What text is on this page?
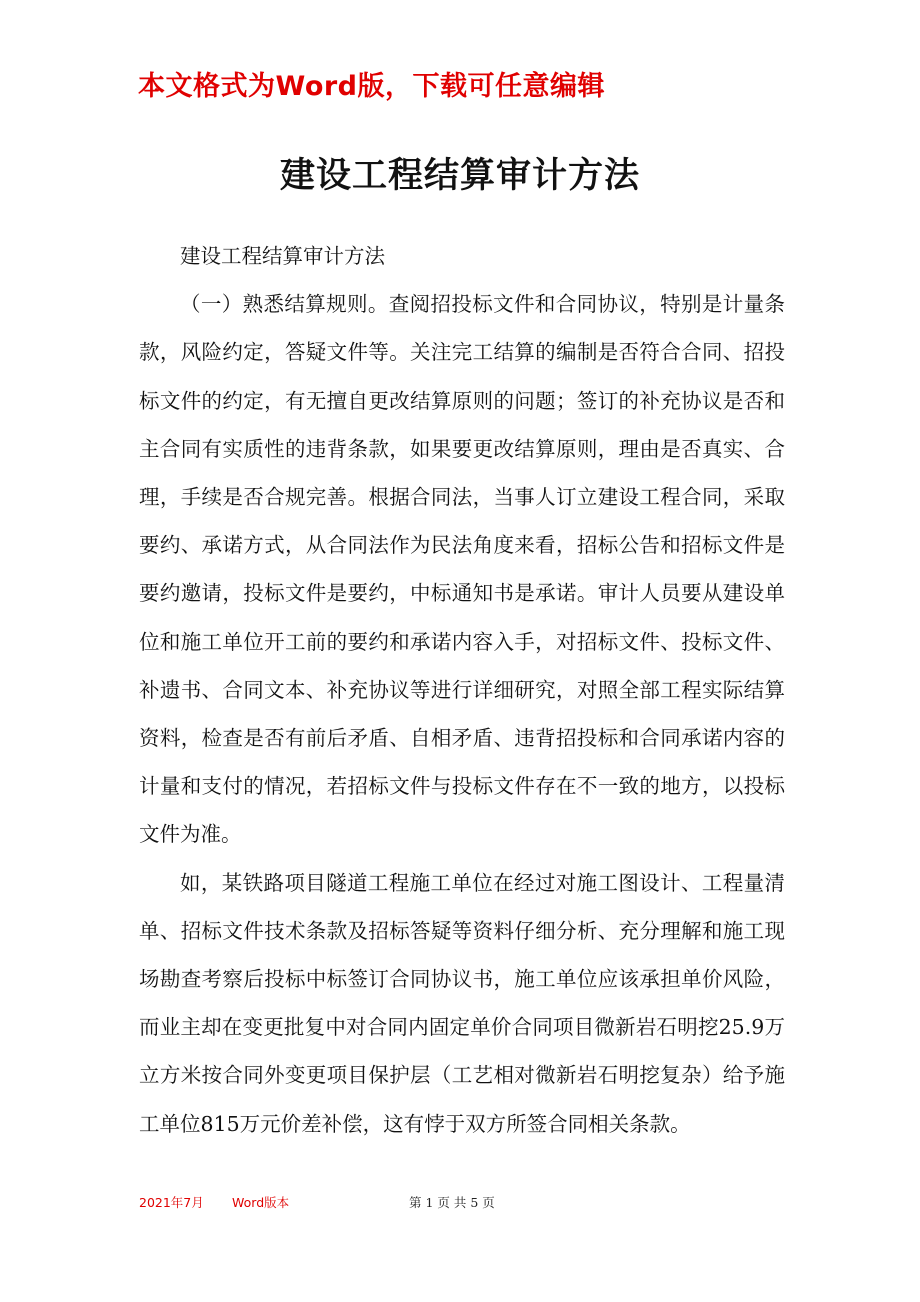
本文格式为Word版，下载可任意编辑
建设工程结算审计方法

建设工程结算审计方法

（一）熟悉结算规则。查阅招投标文件和合同协议，特别是计量条款，风险约定，答疑文件等。关注完工结算的编制是否符合合同、招投标文件的约定，有无擅自更改结算原则的问题；签订的补充协议是否和主合同有实质性的违背条款，如果要更改结算原则，理由是否真实、合理，手续是否合规完善。根据合同法，当事人订立建设工程合同，采取要约、承诺方式，从合同法作为民法角度来看，招标公告和招标文件是要约邀请，投标文件是要约，中标通知书是承诺。审计人员要从建设单位和施工单位开工前的要约和承诺内容入手，对招标文件、投标文件、补遗书、合同文本、补充协议等进行详细研究，对照全部工程实际结算资料，检查是否有前后矛盾、自相矛盾、违背招投标和合同承诺内容的计量和支付的情况，若招标文件与投标文件存在不一致的地方，以投标文件为准。

如，某铁路项目隧道工程施工单位在经过对施工图设计、工程量清单、招标文件技术条款及招标答疑等资料仔细分析、充分理解和施工现场勘查考察后投标中标签订合同协议书，施工单位应该承担单价风险，而业主却在变更批复中对合同内固定单价合同项目微新岩石明挖25.9万立方米按合同外变更项目保护层（工艺相对微新岩石明挖复杂）给予施工单位815万元价差补偿，这有悖于双方所签合同相关条款。

2021年7月 Word版本	第 1 页 共 5 页
